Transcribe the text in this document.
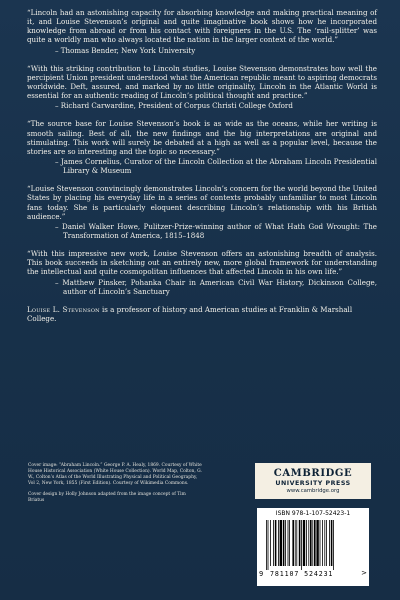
“Lincoln had an astonishing capacity for absorbing knowledge and making practical meaning of it, and Louise Stevenson’s original and quite imaginative book shows how he incorporated knowledge from abroad or from his contact with foreigners in the U.S. The ‘rail-splitter’ was quite a worldly man who always located the nation in the larger context of the world.”

– Thomas Bender, New York University

“With this striking contribution to Lincoln studies, Louise Stevenson demonstrates how well the percipient Union president understood what the American republic meant to aspiring democrats worldwide. Deft, assured, and marked by no little originality, Lincoln in the Atlantic World is essential for an authentic reading of Lincoln’s political thought and practice.”

– Richard Carwardine, President of Corpus Christi College Oxford

“The source base for Louise Stevenson’s book is as wide as the oceans, while her writing is smooth sailing. Best of all, the new findings and the big interpretations are original and stimulating. This work will surely be debated at a high as well as a popular level, because the stories are so interesting and the topic so necessary.”

– James Cornelius, Curator of the Lincoln Collection at the Abraham Lincoln Presidential Library & Museum

“Louise Stevenson convincingly demonstrates Lincoln’s concern for the world beyond the United States by placing his everyday life in a series of contexts probably unfamiliar to most Lincoln fans today. She is particularly eloquent describing Lincoln’s relationship with his British audience.”

– Daniel Walker Howe, Pulitzer-Prize-winning author of What Hath God Wrought: The Transformation of America, 1815–1848

“With this impressive new work, Louise Stevenson offers an astonishing breadth of analysis. This book succeeds in sketching out an entirely new, more global framework for understanding the intellectual and quite cosmopolitan influences that affected Lincoln in his own life.”

– Matthew Pinsker, Pohanka Chair in American Civil War History, Dickinson College, author of Lincoln’s Sanctuary

Louise L. Stevenson is a professor of history and American studies at Franklin & Marshall College.

Cover image: “Abraham Lincoln.” George P. A. Healy, 1869. Courtesy of White House Historical Association (White House Collection). World Map, Colton, G. W., Colton’s Atlas of the World Illustrating Physical and Political Geography, Vol 2, New York, 1855 (First Edition). Courtesy of Wikimedia Commons.

Cover design by Holly Johnson adapted from the image concept of Tim Briatus

CAMBRIDGE
UNIVERSITY PRESS
www.cambridge.org
ISBN 978-1-107-52423-1
9 781107 524231	>
